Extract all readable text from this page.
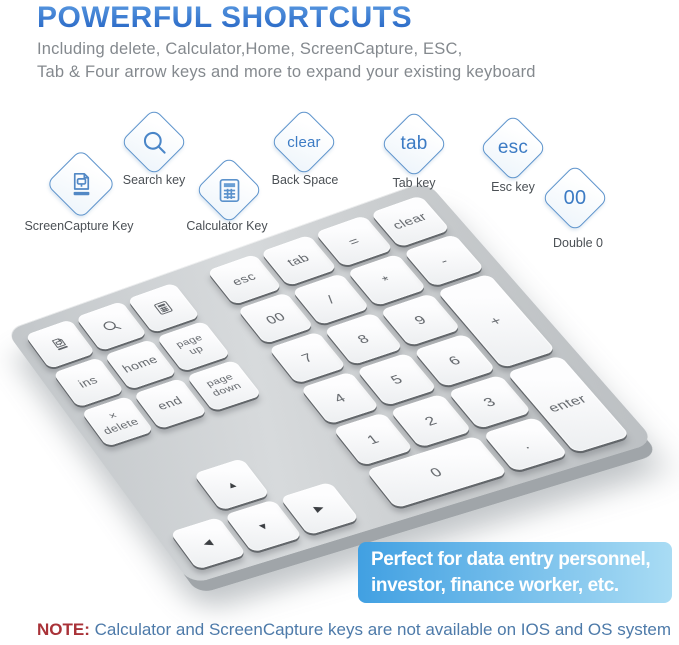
POWERFUL SHORTCUTS
Including delete, Calculator,Home, ScreenCapture, ESC,
Tab & Four arrow keys and more to expand your existing keyboard
esc
tab
=
clear
ins
home
page
up
00
/
*
-
×
delete
end
page
down
7
8
9	+
4
5
6
▲
1
2
3	enter
◀
▼
▶
0
.
ScreenCapture Key
Search key
Calculator Key
clear
Back Space
tab
Tab key
esc
Esc key 00
Double 0
Perfect for data entry personnel,
investor, finance worker, etc.
NOTE: Calculator and ScreenCapture keys are not available on IOS and OS system
